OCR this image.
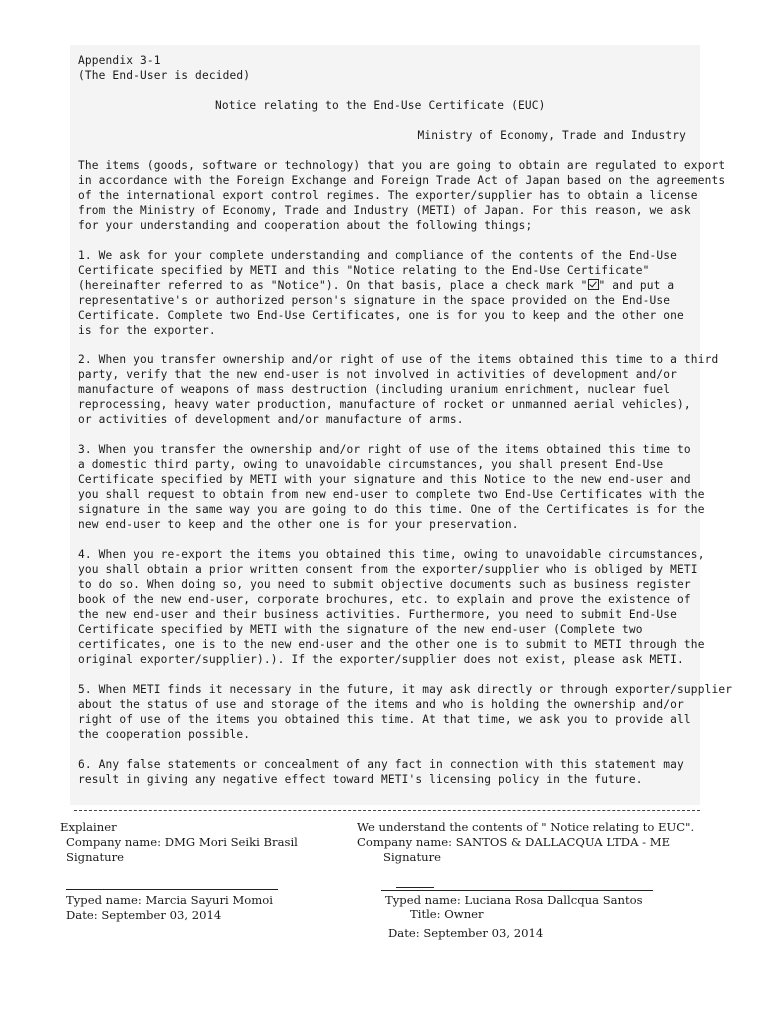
Appendix 3-1
(The End-User is decided)
Notice relating to the End-Use Certificate (EUC)
Ministry of Economy, Trade and Industry
The items (goods, software or technology) that you are going to obtain are regulated to export
in accordance with the Foreign Exchange and Foreign Trade Act of Japan based on the agreements
of the international export control regimes. The exporter/supplier has to obtain a license
from the Ministry of Economy, Trade and Industry (METI) of Japan. For this reason, we ask
for your understanding and cooperation about the following things;
1. We ask for your complete understanding and compliance of the contents of the End-Use
Certificate specified by METI and this "Notice relating to the End-Use Certificate"
(hereinafter referred to as "Notice"). On that basis, place a check mark " " and put a
representative's or authorized person's signature in the space provided on the End-Use
Certificate. Complete two End-Use Certificates, one is for you to keep and the other one
is for the exporter.
2. When you transfer ownership and/or right of use of the items obtained this time to a third
party, verify that the new end-user is not involved in activities of development and/or
manufacture of weapons of mass destruction (including uranium enrichment, nuclear fuel
reprocessing, heavy water production, manufacture of rocket or unmanned aerial vehicles),
or activities of development and/or manufacture of arms.
3. When you transfer the ownership and/or right of use of the items obtained this time to
a domestic third party, owing to unavoidable circumstances, you shall present End-Use
Certificate specified by METI with your signature and this Notice to the new end-user and
you shall request to obtain from new end-user to complete two End-Use Certificates with the
signature in the same way you are going to do this time. One of the Certificates is for the
new end-user to keep and the other one is for your preservation.
4. When you re-export the items you obtained this time, owing to unavoidable circumstances,
you shall obtain a prior written consent from the exporter/supplier who is obliged by METI
to do so. When doing so, you need to submit objective documents such as business register
book of the new end-user, corporate brochures, etc. to explain and prove the existence of
the new end-user and their business activities. Furthermore, you need to submit End-Use
Certificate specified by METI with the signature of the new end-user (Complete two
certificates, one is to the new end-user and the other one is to submit to METI through the
original exporter/supplier).). If the exporter/supplier does not exist, please ask METI.
5. When METI finds it necessary in the future, it may ask directly or through exporter/supplier
about the status of use and storage of the items and who is holding the ownership and/or
right of use of the items you obtained this time. At that time, we ask you to provide all
the cooperation possible.
6. Any false statements or concealment of any fact in connection with this statement may
result in giving any negative effect toward METI's licensing policy in the future.
Explainer
Company name: DMG Mori Seiki Brasil
Signature
Typed name: Marcia Sayuri Momoi
Date: September 03, 2014
We understand the contents of " Notice relating to EUC".
Company name: SANTOS & DALLACQUA LTDA - ME
Signature
Typed name: Luciana Rosa Dallcqua Santos
Title: Owner
Date: September 03, 2014
